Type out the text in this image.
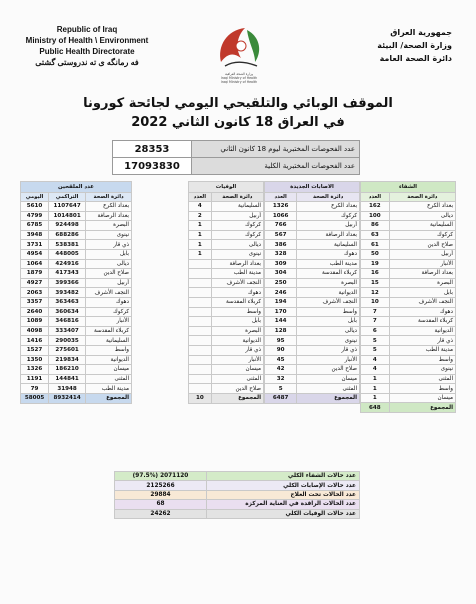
Republic of Iraq
Ministry of Health \ Environment
Public Health Directorate
فه رمانگه ى ته ندروستى گشتى
وزارة الصحة العراقية
Iraqi Ministry of Health
Iraqi Ministry of Health
جمهورية العراق
وزارة الصحة/ البيئة
دائرة الصحة العامة
الموقف الوبائي والتلقيحي اليومي لجائحة كورونا
في العراق 18 كانون الثاني 2022
28353	عدد الفحوصات المختبرية ليوم 18 كانون الثاني
17093830	عدد الفحوصات المختبرية الكلية
الشفاء	
دائرة الصحة	العدد
بغداد الكرخ	162
ديالى	100
السليمانية	86
كركوك	63
صلاح الدين	61
أربيل	50
الأنبار	19
بغداد الرصافة	16
البصرة	15
بابل	12
النجف الأشرف	10
دهوك	7
كربلاء المقدسة	7
الديوانية	6
ذي قار	5
مدينة الطب	5
واسط	4
نينوى	4
المثنى	1
واسط	1
ميسان	1
المجموع	648
الاصابات الجديدة	
دائرة الصحة	العدد
بغداد الكرخ	1326
كركوك	1066
أربيل	766
بغداد الرصافة	567
السليمانية	386
دهوك	328
مدينة الطب	309
كربلاء المقدسة	304
البصرة	250
الديوانية	246
النجف الأشرف	194
واسط	170
بابل	144
ديالى	128
نينوى	95
ذي قار	90
الأنبار	45
صلاح الدين	42
ميسان	32
المثنى	5
المجموع	6487
الوفيات	
دائرة الصحة	العدد
السليمانية	4
أربيل	2
كركوك	1
كركوك	1
ديالى	1
نينوى	1
بغداد الرصافة	
مدينة الطب	
النجف الأشرف	
دهوك	
كربلاء المقدسة	
واسط	
بابل	
البصرة	
الديوانية	
ذي قار	
الأنبار	
ميسان	
المثنى	
صلاح الدين	
المجموع	10
عدد الملقحين		
دائرة الصحة	التراكمي	اليومي
بغداد الكرخ	1107647	5610
بغداد الرصافة	1014801	4799
البصرة	924498	6785
نينوى	688286	3948
ذي قار	538381	3731
بابل	448005	4954
ديالى	424916	1064
صلاح الدين	417343	1879
أربيل	399366	4927
النجف الأشرف	393482	2063
دهوك	363463	3357
كركوك	360634	2640
الأنبار	346816	1089
كربلاء المقدسة	333407	4098
السليمانية	290035	1416
واسط	275601	1527
الديوانية	219834	1350
ميسان	186210	1326
المثنى	144841	1191
مدينة الطب	31948	79
المجموع	8932414	58005
(97.5%) 2071120	عدد حالات الشفاء الكلي
2125266	عدد حالات الإصابات الكلي
29884	عدد الحالات تحت العلاج
68	عدد الحالات الراقدة في العناية المركزة
24262	عدد حالات الوفيات الكلي
